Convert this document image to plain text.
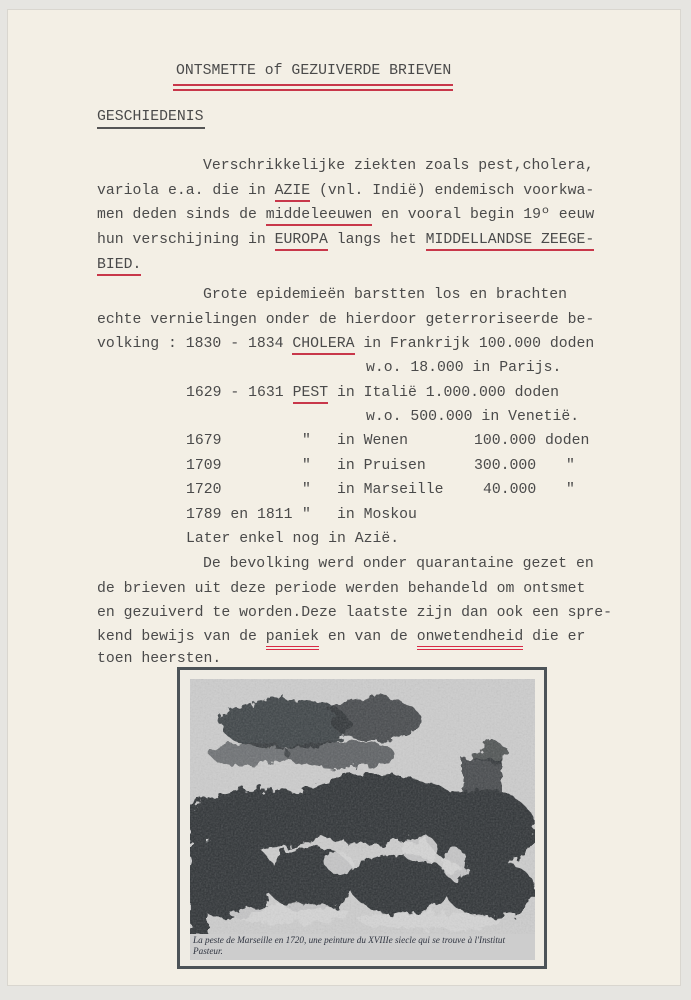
ONTSMETTE of GEZUIVERDE BRIEVEN
GESCHIEDENIS
Verschrikkelijke ziekten zoals pest,cholera,
variola e.a. die in AZIE (vnl. Indië) endemisch voorkwa-
men deden sinds de middeleeuwen en vooral begin 19º eeuw
hun verschijning in EUROPA langs het MIDDELLANDSE ZEEGE-
BIED.
Grote epidemieën barstten los en brachten
echte vernielingen onder de hierdoor geterroriseerde be-
volking : 1830 - 1834 CHOLERA in Frankrijk 100.000 doden
w.o. 18.000 in Parijs.
1629 - 1631 PEST in Italië 1.000.000 doden
w.o. 500.000 in Venetië.
1679	" in Wenen	100.000 doden
1709	" in Pruisen	300.000 "
1720	" in Marseille	40.000 "
1789 en 1811 " in Moskou
Later enkel nog in Azië.
De bevolking werd onder quarantaine gezet en
de brieven uit deze periode werden behandeld om ontsmet
en gezuiverd te worden.Deze laatste zijn dan ook een spre-
kend bewijs van de paniek en van de onwetendheid die er
toen heersten.
La peste de Marseille en 1720, une peinture du XVIIIe siecle qui se trouve à l'Institut Pasteur.
